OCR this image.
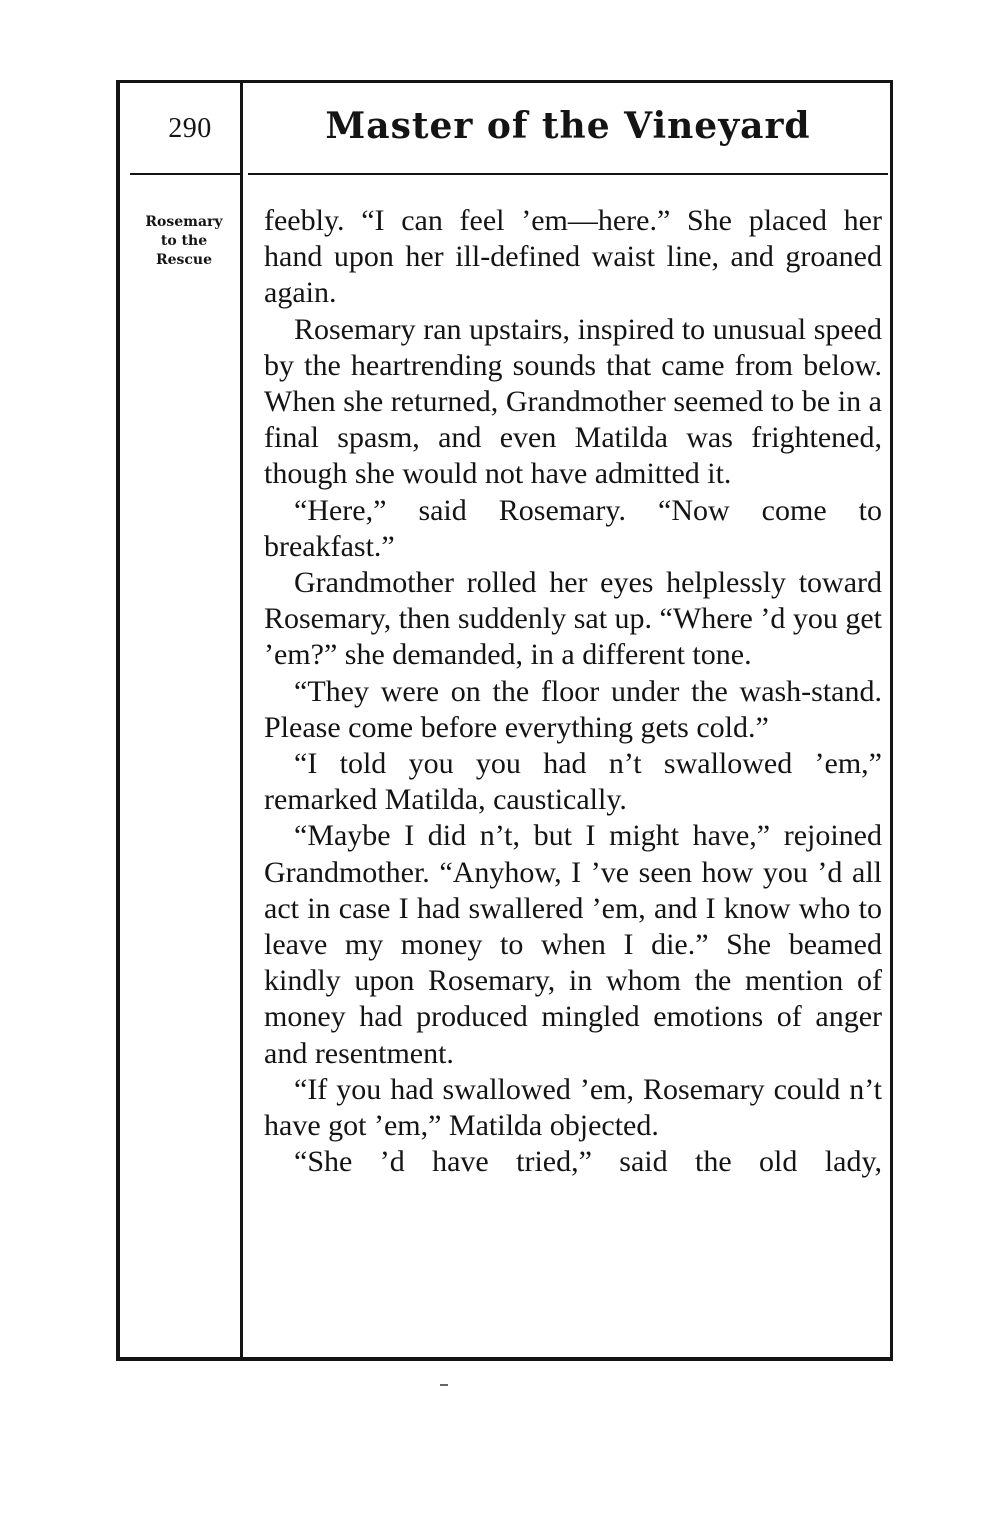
290	Master of the Vineyard
Rosemary
to the
Rescue

feebly. “I can feel ’em—here.” She placed her hand upon her ill-defined waist line, and groaned again.

Rosemary ran upstairs, inspired to unusual speed by the heartrending sounds that came from below. When she returned, Grandmother seemed to be in a final spasm, and even Matilda was frightened, though she would not have admitted it.

“Here,” said Rosemary. “Now come to breakfast.”

Grandmother rolled her eyes helplessly toward Rosemary, then suddenly sat up. “Where ’d you get ’em?” she demanded, in a different tone.

“They were on the floor under the wash-stand. Please come before everything gets cold.”

“I told you you had n’t swallowed ’em,” remarked Matilda, caustically.

“Maybe I did n’t, but I might have,” rejoined Grandmother. “Anyhow, I ’ve seen how you ’d all act in case I had swallered ’em, and I know who to leave my money to when I die.” She beamed kindly upon Rosemary, in whom the mention of money had produced mingled emotions of anger and resentment.

“If you had swallowed ’em, Rosemary could n’t have got ’em,” Matilda objected.

“She ’d have tried,” said the old lady,
